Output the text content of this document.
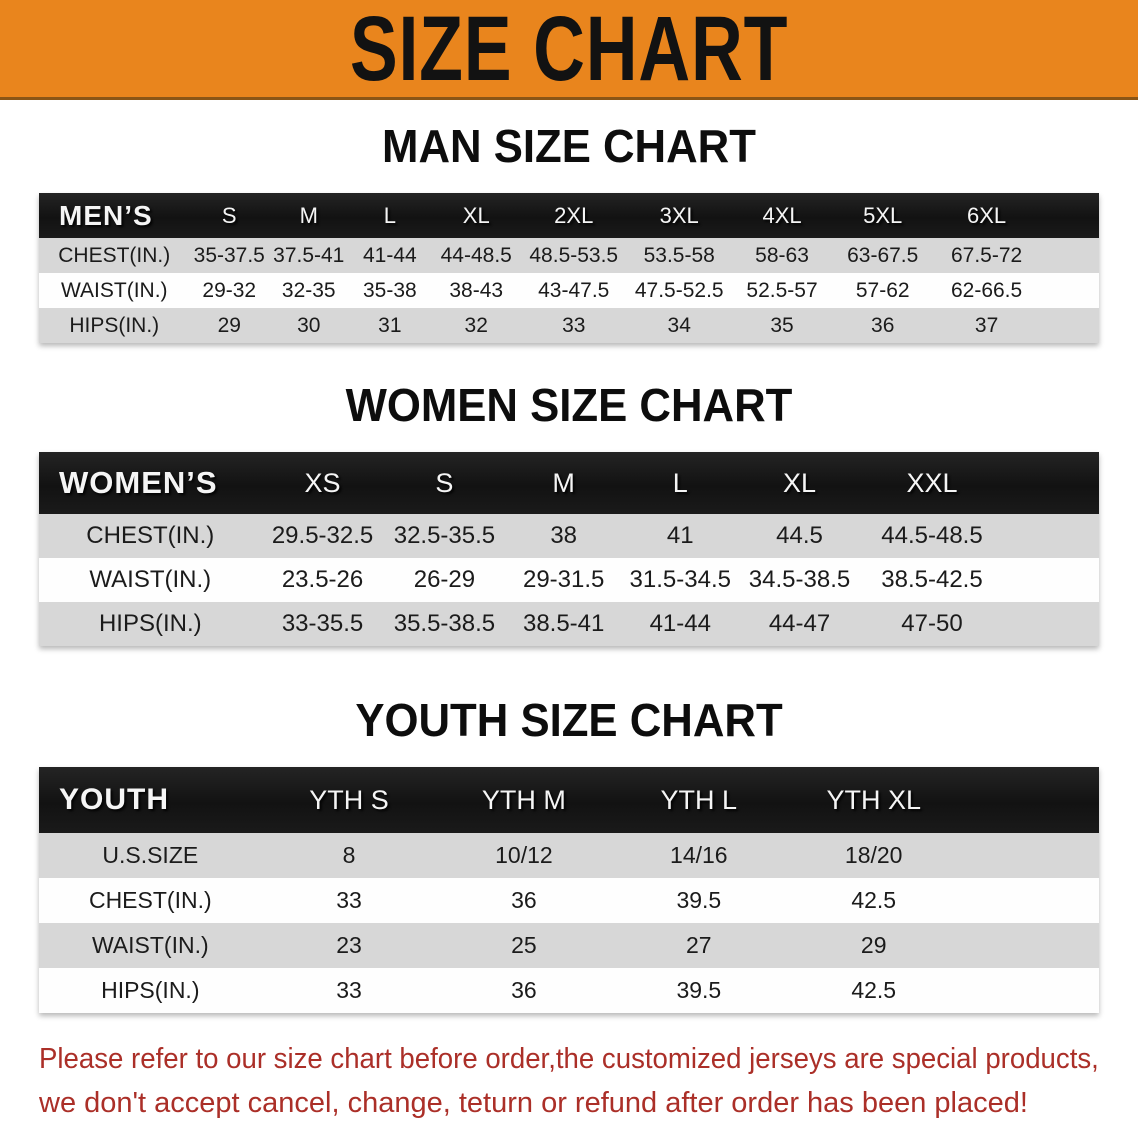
SIZE CHART
MAN SIZE CHART
MEN’S	S	M	L	XL	2XL	3XL	4XL	5XL	6XL	
CHEST(IN.)	35-37.5	37.5-41	41-44	44-48.5	48.5-53.5	53.5-58	58-63	63-67.5	67.5-72	
WAIST(IN.)	29-32	32-35	35-38	38-43	43-47.5	47.5-52.5	52.5-57	57-62	62-66.5	
HIPS(IN.)	29	30	31	32	33	34	35	36	37	
WOMEN SIZE CHART
WOMEN’S	XS	S	M	L	XL	XXL	
CHEST(IN.)	29.5-32.5	32.5-35.5	38	41	44.5	44.5-48.5	
WAIST(IN.)	23.5-26	26-29	29-31.5	31.5-34.5	34.5-38.5	38.5-42.5	
HIPS(IN.)	33-35.5	35.5-38.5	38.5-41	41-44	44-47	47-50	
YOUTH SIZE CHART
YOUTH	YTH S	YTH M	YTH L	YTH XL	
U.S.SIZE	8	10/12	14/16	18/20	
CHEST(IN.)	33	36	39.5	42.5	
WAIST(IN.)	23	25	27	29	
HIPS(IN.)	33	36	39.5	42.5	
Please refer to our size chart before order,the customized jerseys are special products, we don't accept cancel, change, teturn or refund after order has been placed!
